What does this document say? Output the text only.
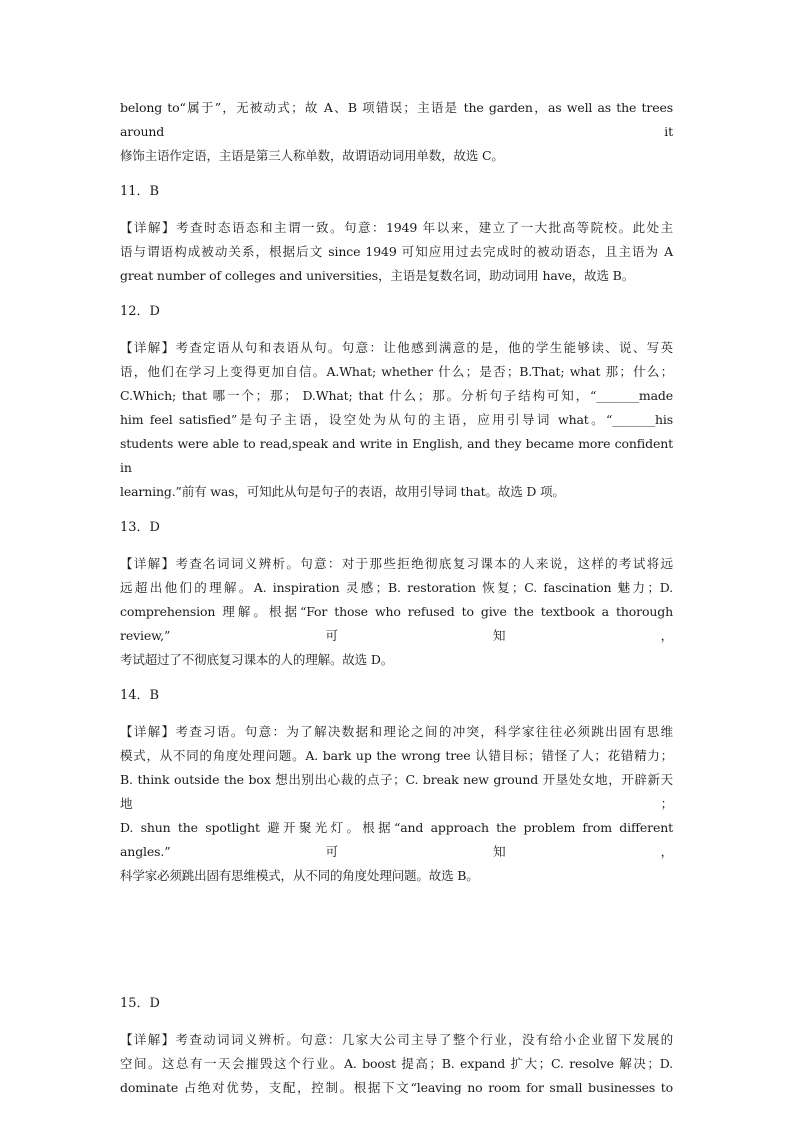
belong to“属于”，无被动式；故 A、B 项错误；主语是 the garden，as well as the trees around it
修饰主语作定语，主语是第三人称单数，故谓语动词用单数，故选 C。
11．B
【详解】考查时态语态和主谓一致。句意：1949 年以来，建立了一大批高等院校。此处主
语与谓语构成被动关系，根据后文 since 1949 可知应用过去完成时的被动语态，且主语为 A
great number of colleges and universities，主语是复数名词，助动词用 have，故选 B。
12．D
【详解】考查定语从句和表语从句。句意：让他感到满意的是，他的学生能够读、说、写英
语，他们在学习上变得更加自信。A.What; whether 什么；是否；B.That; what 那；什么；
C.Which; that 哪一个；那； D.What; that 什么；那。分析句子结构可知，“_______made
him feel satisfied”是句子主语，设空处为从句的主语，应用引导词 what。“_______his
students were able to read,speak and write in English, and they became more confident in
learning.”前有 was，可知此从句是句子的表语，故用引导词 that。故选 D 项。
13．D
【详解】考查名词词义辨析。句意：对于那些拒绝彻底复习课本的人来说，这样的考试将远
远超出他们的理解。A. inspiration 灵感；B. restoration 恢复；C. fascination 魅力；D.
comprehension 理解。根据“For those who refused to give the textbook a thorough review,”可知，
考试超过了不彻底复习课本的人的理解。故选 D。
14．B
【详解】考查习语。句意：为了解决数据和理论之间的冲突，科学家往往必须跳出固有思维
模式，从不同的角度处理问题。A. bark up the wrong tree 认错目标；错怪了人；花错精力；
B. think outside the box 想出别出心裁的点子；C. break new ground 开垦处女地，开辟新天地；
D. shun the spotlight 避开聚光灯。根据“and approach the problem from different angles.”可知，
科学家必须跳出固有思维模式，从不同的角度处理问题。故选 B。
15．D
【详解】考查动词词义辨析。句意：几家大公司主导了整个行业，没有给小企业留下发展的
空间。这总有一天会摧毁这个行业。A. boost 提高；B. expand 扩大；C. resolve 解决；D.
dominate 占绝对优势，支配，控制。根据下文“leaving no room for small businesses to
